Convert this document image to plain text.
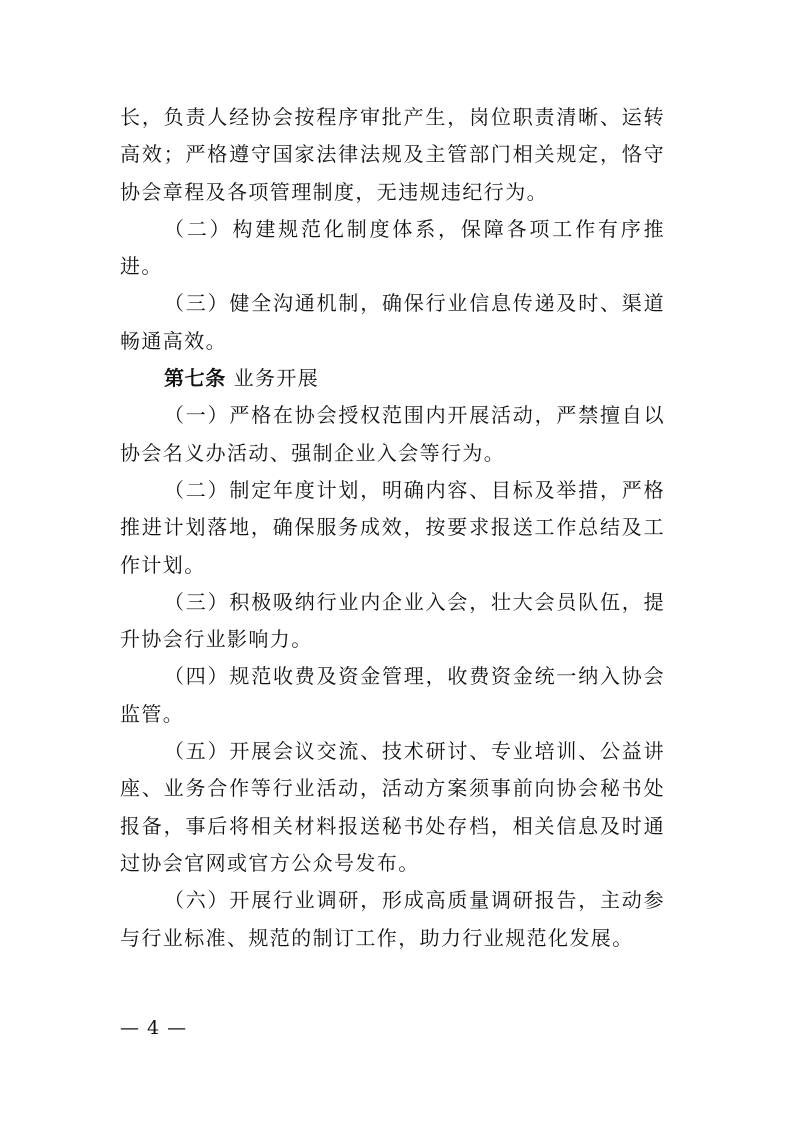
长，负责人经协会按程序审批产生，岗位职责清晰、运转高效；严格遵守国家法律法规及主管部门相关规定，恪守协会章程及各项管理制度，无违规违纪行为。

（二）构建规范化制度体系，保障各项工作有序推进。

（三）健全沟通机制，确保行业信息传递及时、渠道畅通高效。

第七条 业务开展

（一）严格在协会授权范围内开展活动，严禁擅自以协会名义办活动、强制企业入会等行为。

（二）制定年度计划，明确内容、目标及举措，严格推进计划落地，确保服务成效，按要求报送工作总结及工作计划。

（三）积极吸纳行业内企业入会，壮大会员队伍，提升协会行业影响力。

（四）规范收费及资金管理，收费资金统一纳入协会监管。

（五）开展会议交流、技术研讨、专业培训、公益讲座、业务合作等行业活动，活动方案须事前向协会秘书处报备，事后将相关材料报送秘书处存档，相关信息及时通过协会官网或官方公众号发布。

（六）开展行业调研，形成高质量调研报告，主动参与行业标准、规范的制订工作，助力行业规范化发展。

— 4 —
